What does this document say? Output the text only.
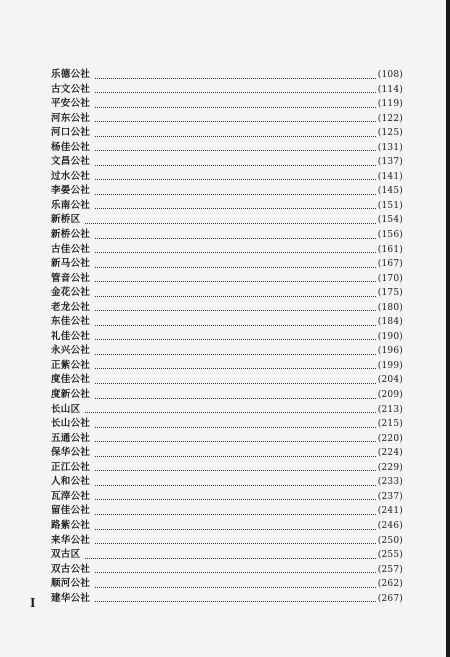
乐德公社	(108)
古文公社	(114)
平安公社	(119)
河东公社	(122)
河口公社	(125)
杨佳公社	(131)
文昌公社	(137)
过水公社	(141)
李晏公社	(145)
乐南公社	(151)
新桥区	(154)
新桥公社	(156)
古佳公社	(161)
新马公社	(167)
管音公社	(170)
金花公社	(175)
老龙公社	(180)
东佳公社	(184)
礼佳公社	(190)
永兴公社	(196)
正紫公社	(199)
度佳公社	(204)
度新公社	(209)
长山区	(213)
长山公社	(215)
五通公社	(220)
保华公社	(224)
正江公社	(229)
人和公社	(233)
瓦滓公社	(237)
留佳公社	(241)
路紫公社	(246)
来华公社	(250)
双古区	(255)
双古公社	(257)
顺河公社	(262)
建华公社	(267)
I
